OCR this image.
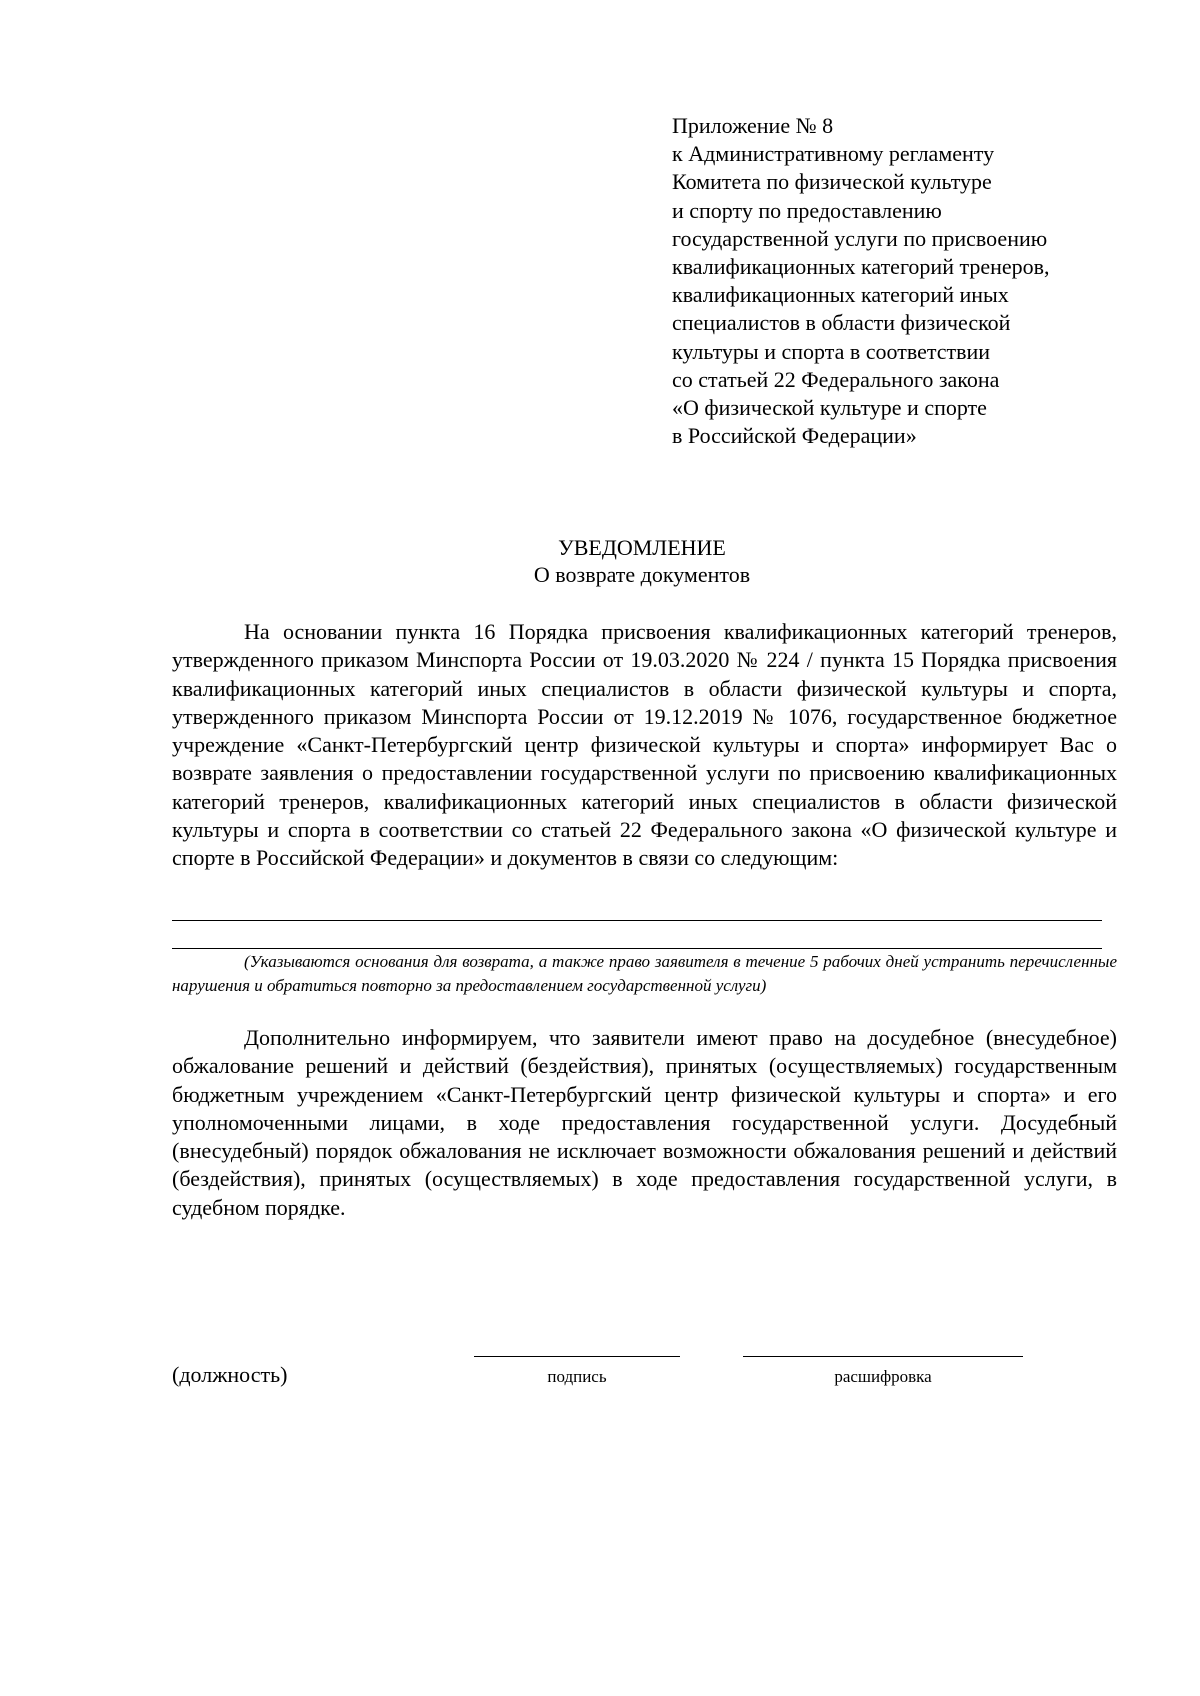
Приложение № 8
к Административному регламенту
Комитета по физической культуре
и спорту по предоставлению
государственной услуги по присвоению
квалификационных категорий тренеров,
квалификационных категорий иных
специалистов в области физической
культуры и спорта в соответствии
со статьей 22 Федерального закона
«О физической культуре и спорте
в Российской Федерации»
УВЕДОМЛЕНИЕ
О возврате документов
На основании пункта 16 Порядка присвоения квалификационных категорий тренеров, утвержденного приказом Минспорта России от 19.03.2020 № 224 / пункта 15 Порядка присвоения квалификационных категорий иных специалистов в области физической культуры и спорта, утвержденного приказом Минспорта России от 19.12.2019 № 1076, государственное бюджетное учреждение «Санкт-Петербургский центр физической культуры и спорта» информирует Вас о возврате заявления о предоставлении государственной услуги по присвоению квалификационных категорий тренеров, квалификационных категорий иных специалистов в области физической культуры и спорта в соответствии со статьей 22 Федерального закона «О физической культуре и спорте в Российской Федерации» и документов в связи со следующим:
(Указываются основания для возврата, а также право заявителя в течение 5 рабочих дней устранить перечисленные нарушения и обратиться повторно за предоставлением государственной услуги)
Дополнительно информируем, что заявители имеют право на досудебное (внесудебное) обжалование решений и действий (бездействия), принятых (осуществляемых) государственным бюджетным учреждением «Санкт-Петербургский центр физической культуры и спорта» и его уполномоченными лицами, в ходе предоставления государственной услуги. Досудебный (внесудебный) порядок обжалования не исключает возможности обжалования решений и действий (бездействия), принятых (осуществляемых) в ходе предоставления государственной услуги, в судебном порядке.
(должность)	подпись	расшифровка
